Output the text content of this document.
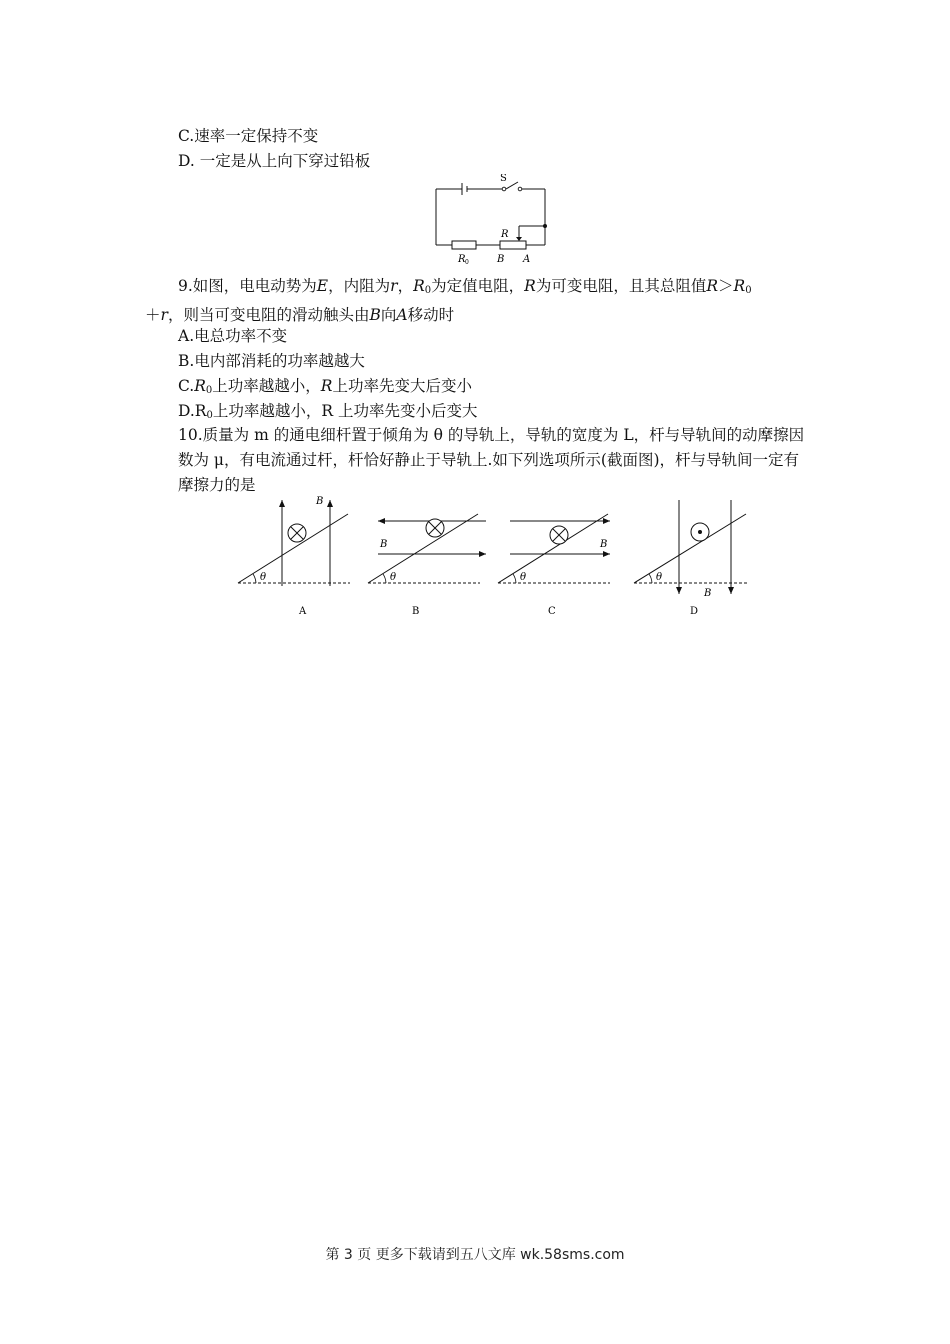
C.速率一定保持不变
D. 一定是从上向下穿过铅板
S
R
R 0	B A
9.如图，电电动势为E，内阻为r，$R_0$为定值电阻，R为可变电阻，且其总阻值$R>R_0$
＋r，则当可变电阻的滑动触头由B向A移动时
A.电总功率不变
B.电内部消耗的功率越越大
$C.R_0$上功率越越小，R上功率先变大后变小
$D.R_0$上功率越越小，R 上功率先变小后变大
10.质量为 m 的通电细杆置于倾角为 θ 的导轨上，导轨的宽度为 L，杆与导轨间的动摩擦因数为 μ，有电流通过杆，杆恰好静止于导轨上.如下列选项所示(截面图)，杆与导轨间一定有摩擦力的是
θ
B
A
θ
B
B
θ
B
C
θ
B
D
第 3 页 更多下载请到五八文库 wk.58sms.com
